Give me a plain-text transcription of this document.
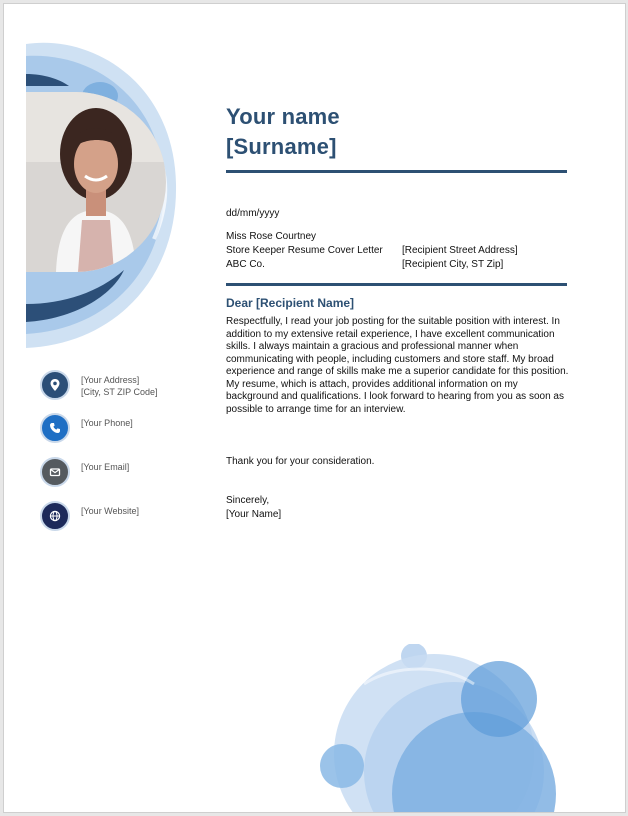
Your name
[Surname]
dd/mm/yyyy
Miss Rose Courtney
Store Keeper Resume Cover Letter
ABC Co.
[Recipient Street Address]
[Recipient City, ST Zip]
Dear [Recipient Name]
Respectfully, I read your job posting for the suitable position with interest. In addition to my extensive retail experience, I have excellent communication skills. I always maintain a gracious and professional manner when communicating with people, including customers and store staff. My broad experience and range of skills make me a superior candidate for this position. My resume, which is attach, provides additional information on my background and qualifications. I look forward to hearing from you as soon as possible to arrange time for an interview.
Thank you for your consideration.
Sincerely,
[Your Name]
[Your Address]
[City, ST ZIP Code]
[Your Phone]
[Your Email]
[Your Website]
